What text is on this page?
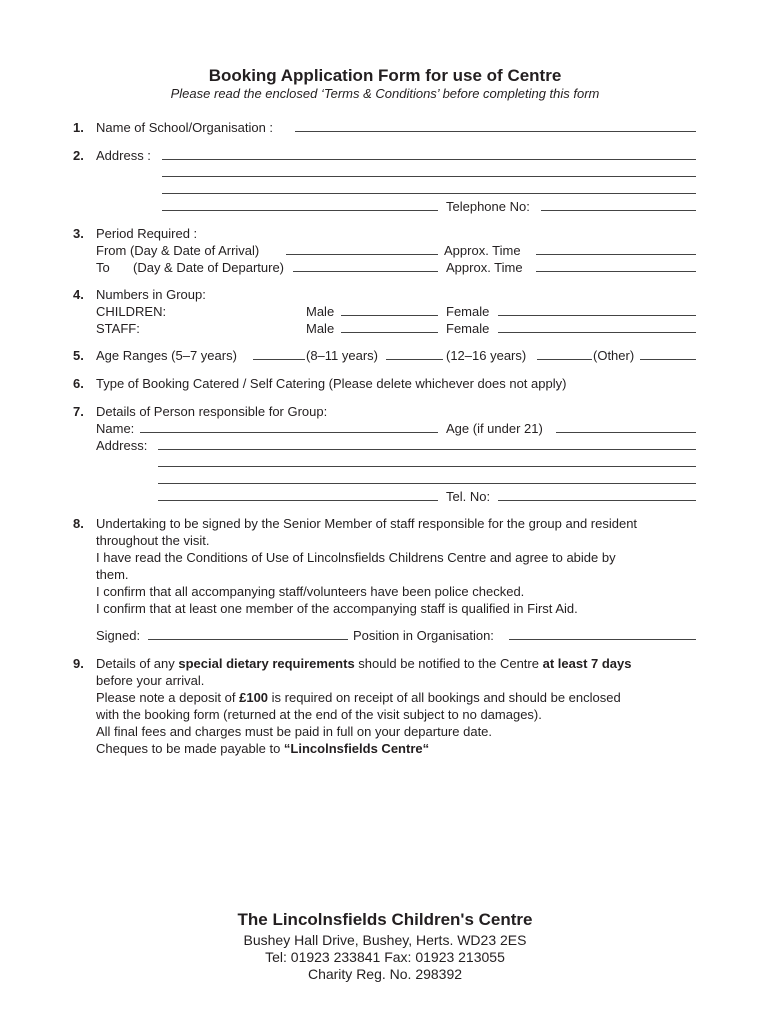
Booking Application Form for use of Centre
Please read the enclosed ‘Terms & Conditions’ before completing this form
1. Name of School/Organisation :
2. Address :
Telephone No:
3. Period Required :
From (Day & Date of Arrival)	Approx. Time
To (Day & Date of Departure)	Approx. Time
4. Numbers in Group:
CHILDREN:	Male	Female
STAFF:	Male	Female
5. Age Ranges (5–7 years)	(8–11 years)	(12–16 years)	(Other)
6. Type of Booking Catered / Self Catering (Please delete whichever does not apply)
7. Details of Person responsible for Group:
Name:	Age (if under 21)
Address:
Tel. No:
8. Undertaking to be signed by the Senior Member of staff responsible for the group and resident
throughout the visit.
I have read the Conditions of Use of Lincolnsfields Childrens Centre and agree to abide by
them.
I confirm that all accompanying staff/volunteers have been police checked.
I confirm that at least one member of the accompanying staff is qualified in First Aid.
Signed:	Position in Organisation:
9. Details of any special dietary requirements should be notified to the Centre at least 7 days
before your arrival.
Please note a deposit of £100 is required on receipt of all bookings and should be enclosed
with the booking form (returned at the end of the visit subject to no damages).
All final fees and charges must be paid in full on your departure date.
Cheques to be made payable to “Lincolnsfields Centre“
The Lincolnsfields Children's Centre
Bushey Hall Drive, Bushey, Herts. WD23 2ES
Tel: 01923 233841 Fax: 01923 213055
Charity Reg. No. 298392
